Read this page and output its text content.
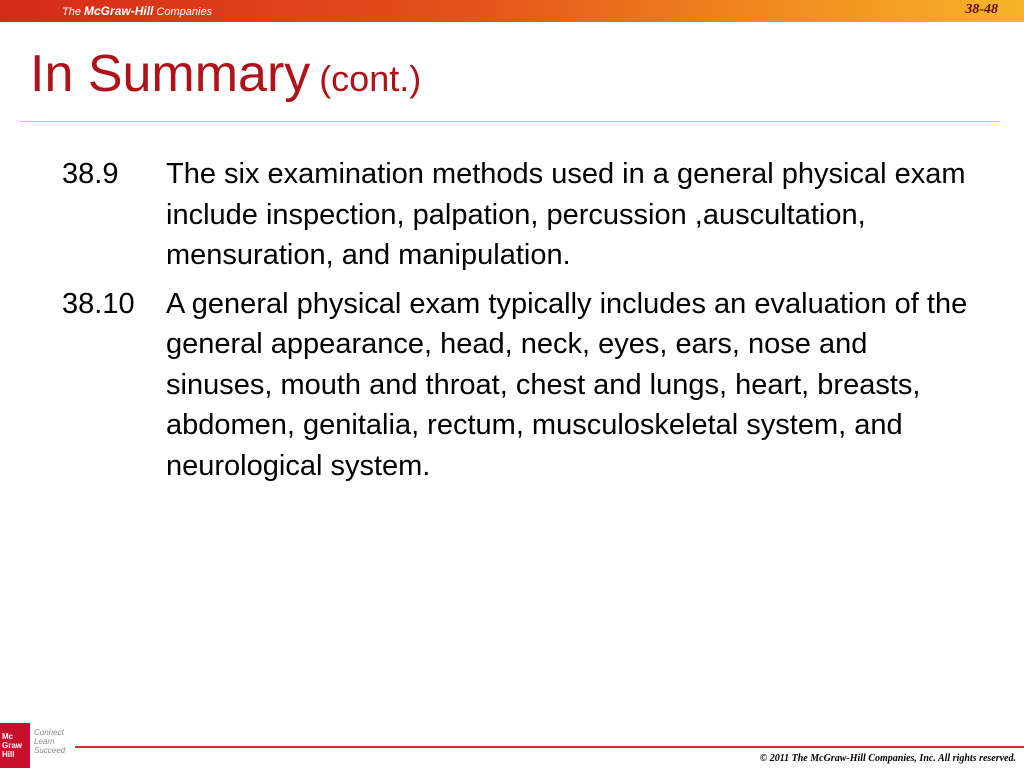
The McGraw-Hill Companies	38-48
In Summary (cont.)
38.9	The six examination methods used in a general physical exam include inspection, palpation, percussion ,auscultation, mensuration, and manipulation.
38.10	A general physical exam typically includes an evaluation of the general appearance, head, neck, eyes, ears, nose and sinuses, mouth and throat, chest and lungs, heart, breasts, abdomen, genitalia, rectum, musculoskeletal system, and neurological system.
Mc
Graw
Hill
Connect
Learn
Succeed
© 2011 The McGraw-Hill Companies, Inc. All rights reserved.
